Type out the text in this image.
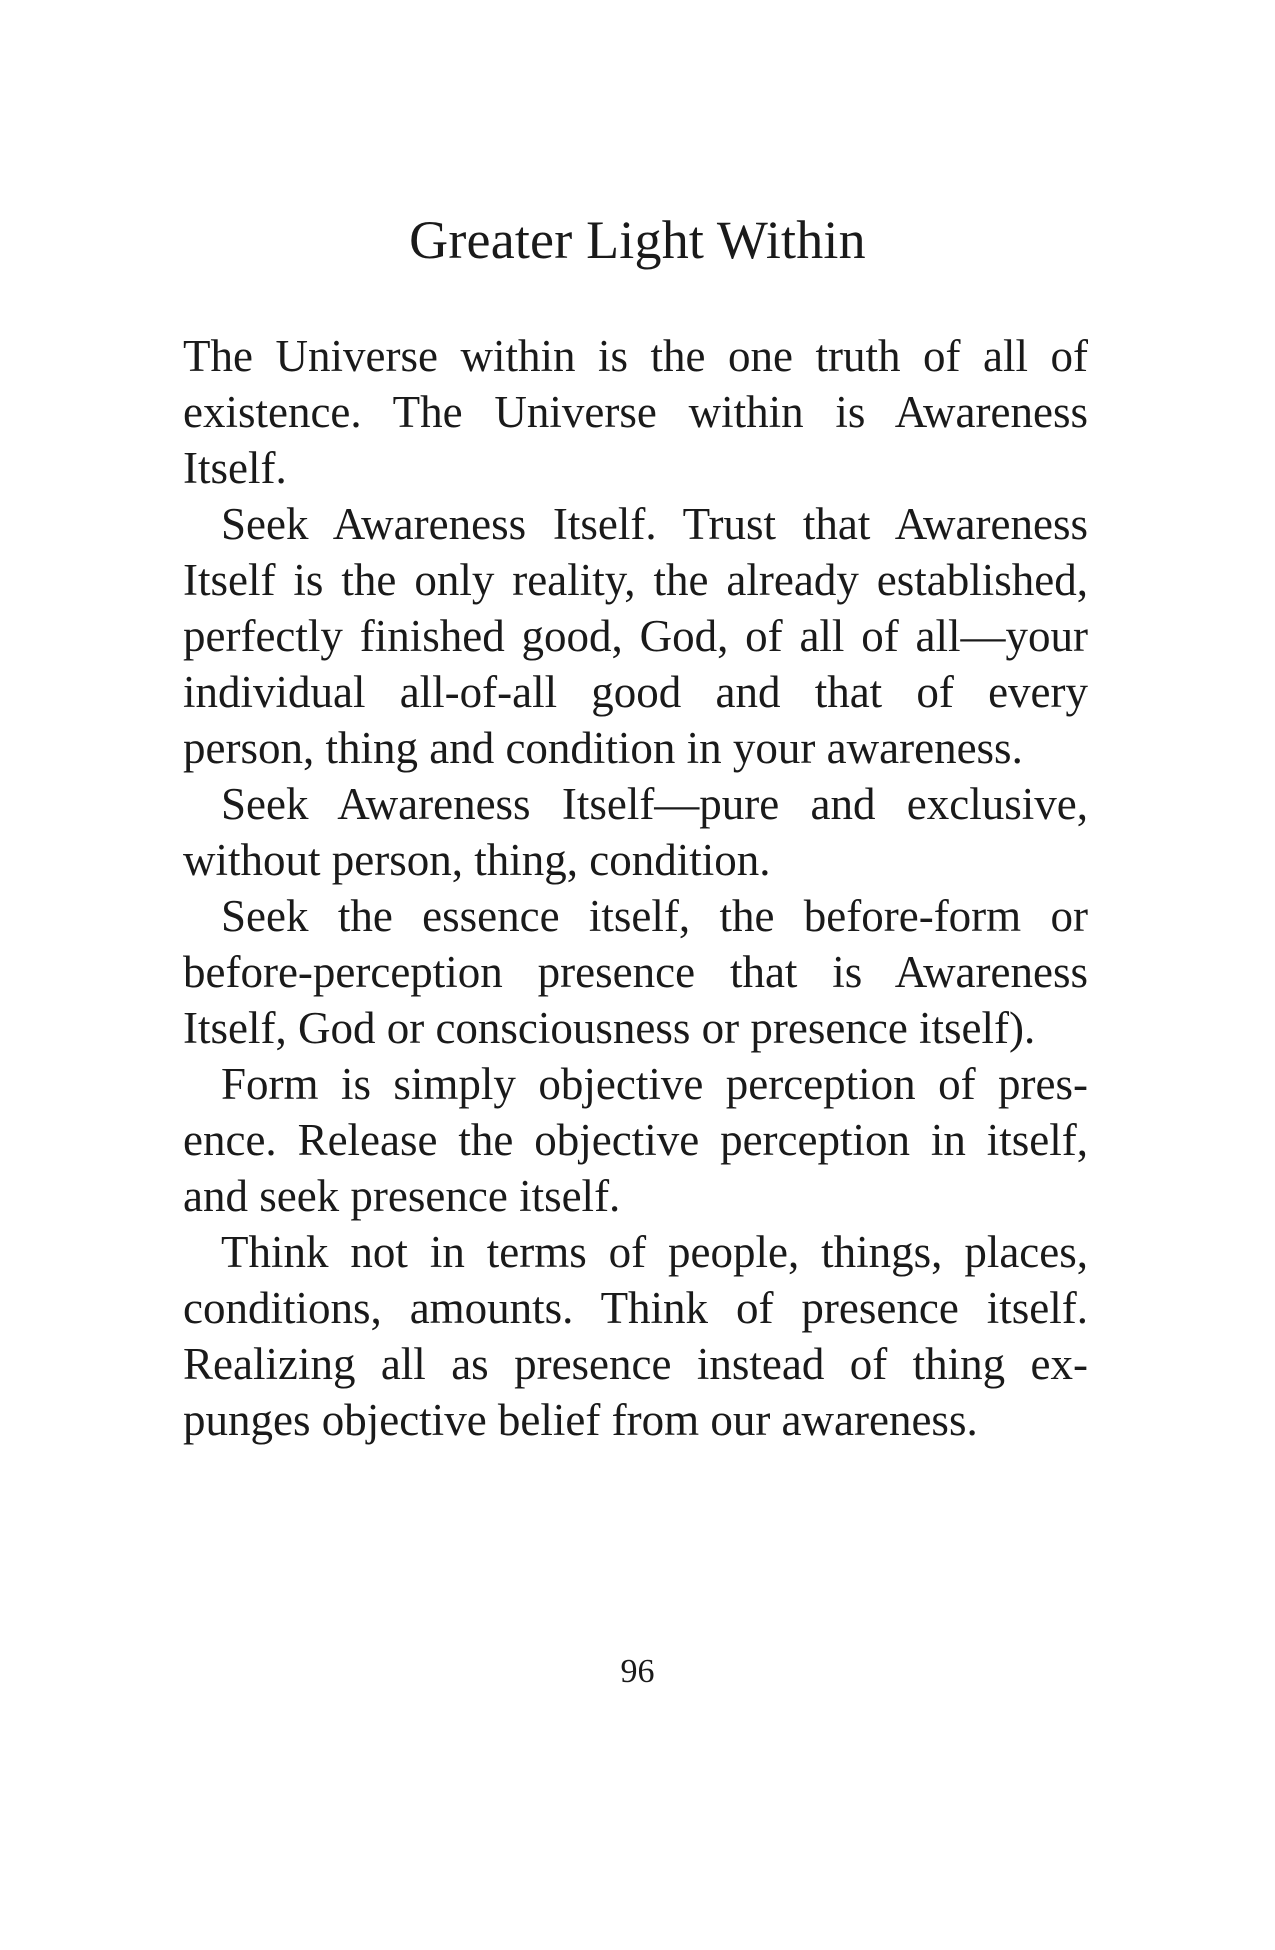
Greater Light Within

The Universe within is the one truth of all of existence. The Universe within is Awareness Itself.

Seek Awareness Itself. Trust that Awareness Itself is the only reality, the already established, perfectly finished good, God, of all of all—your individual all-of-all good and that of every person, thing and condition in your awareness.

Seek Awareness Itself—pure and exclusive, without person, thing, condition.

Seek the essence itself, the before-form or before-perception presence that is Awareness Itself, God or consciousness or presence itself).

Form is simply objective perception of presence. Release the objective perception in itself, and seek presence itself.

Think not in terms of people, things, places, conditions, amounts. Think of presence itself. Realizing all as presence instead of thing expunges objective belief from our awareness.

96
